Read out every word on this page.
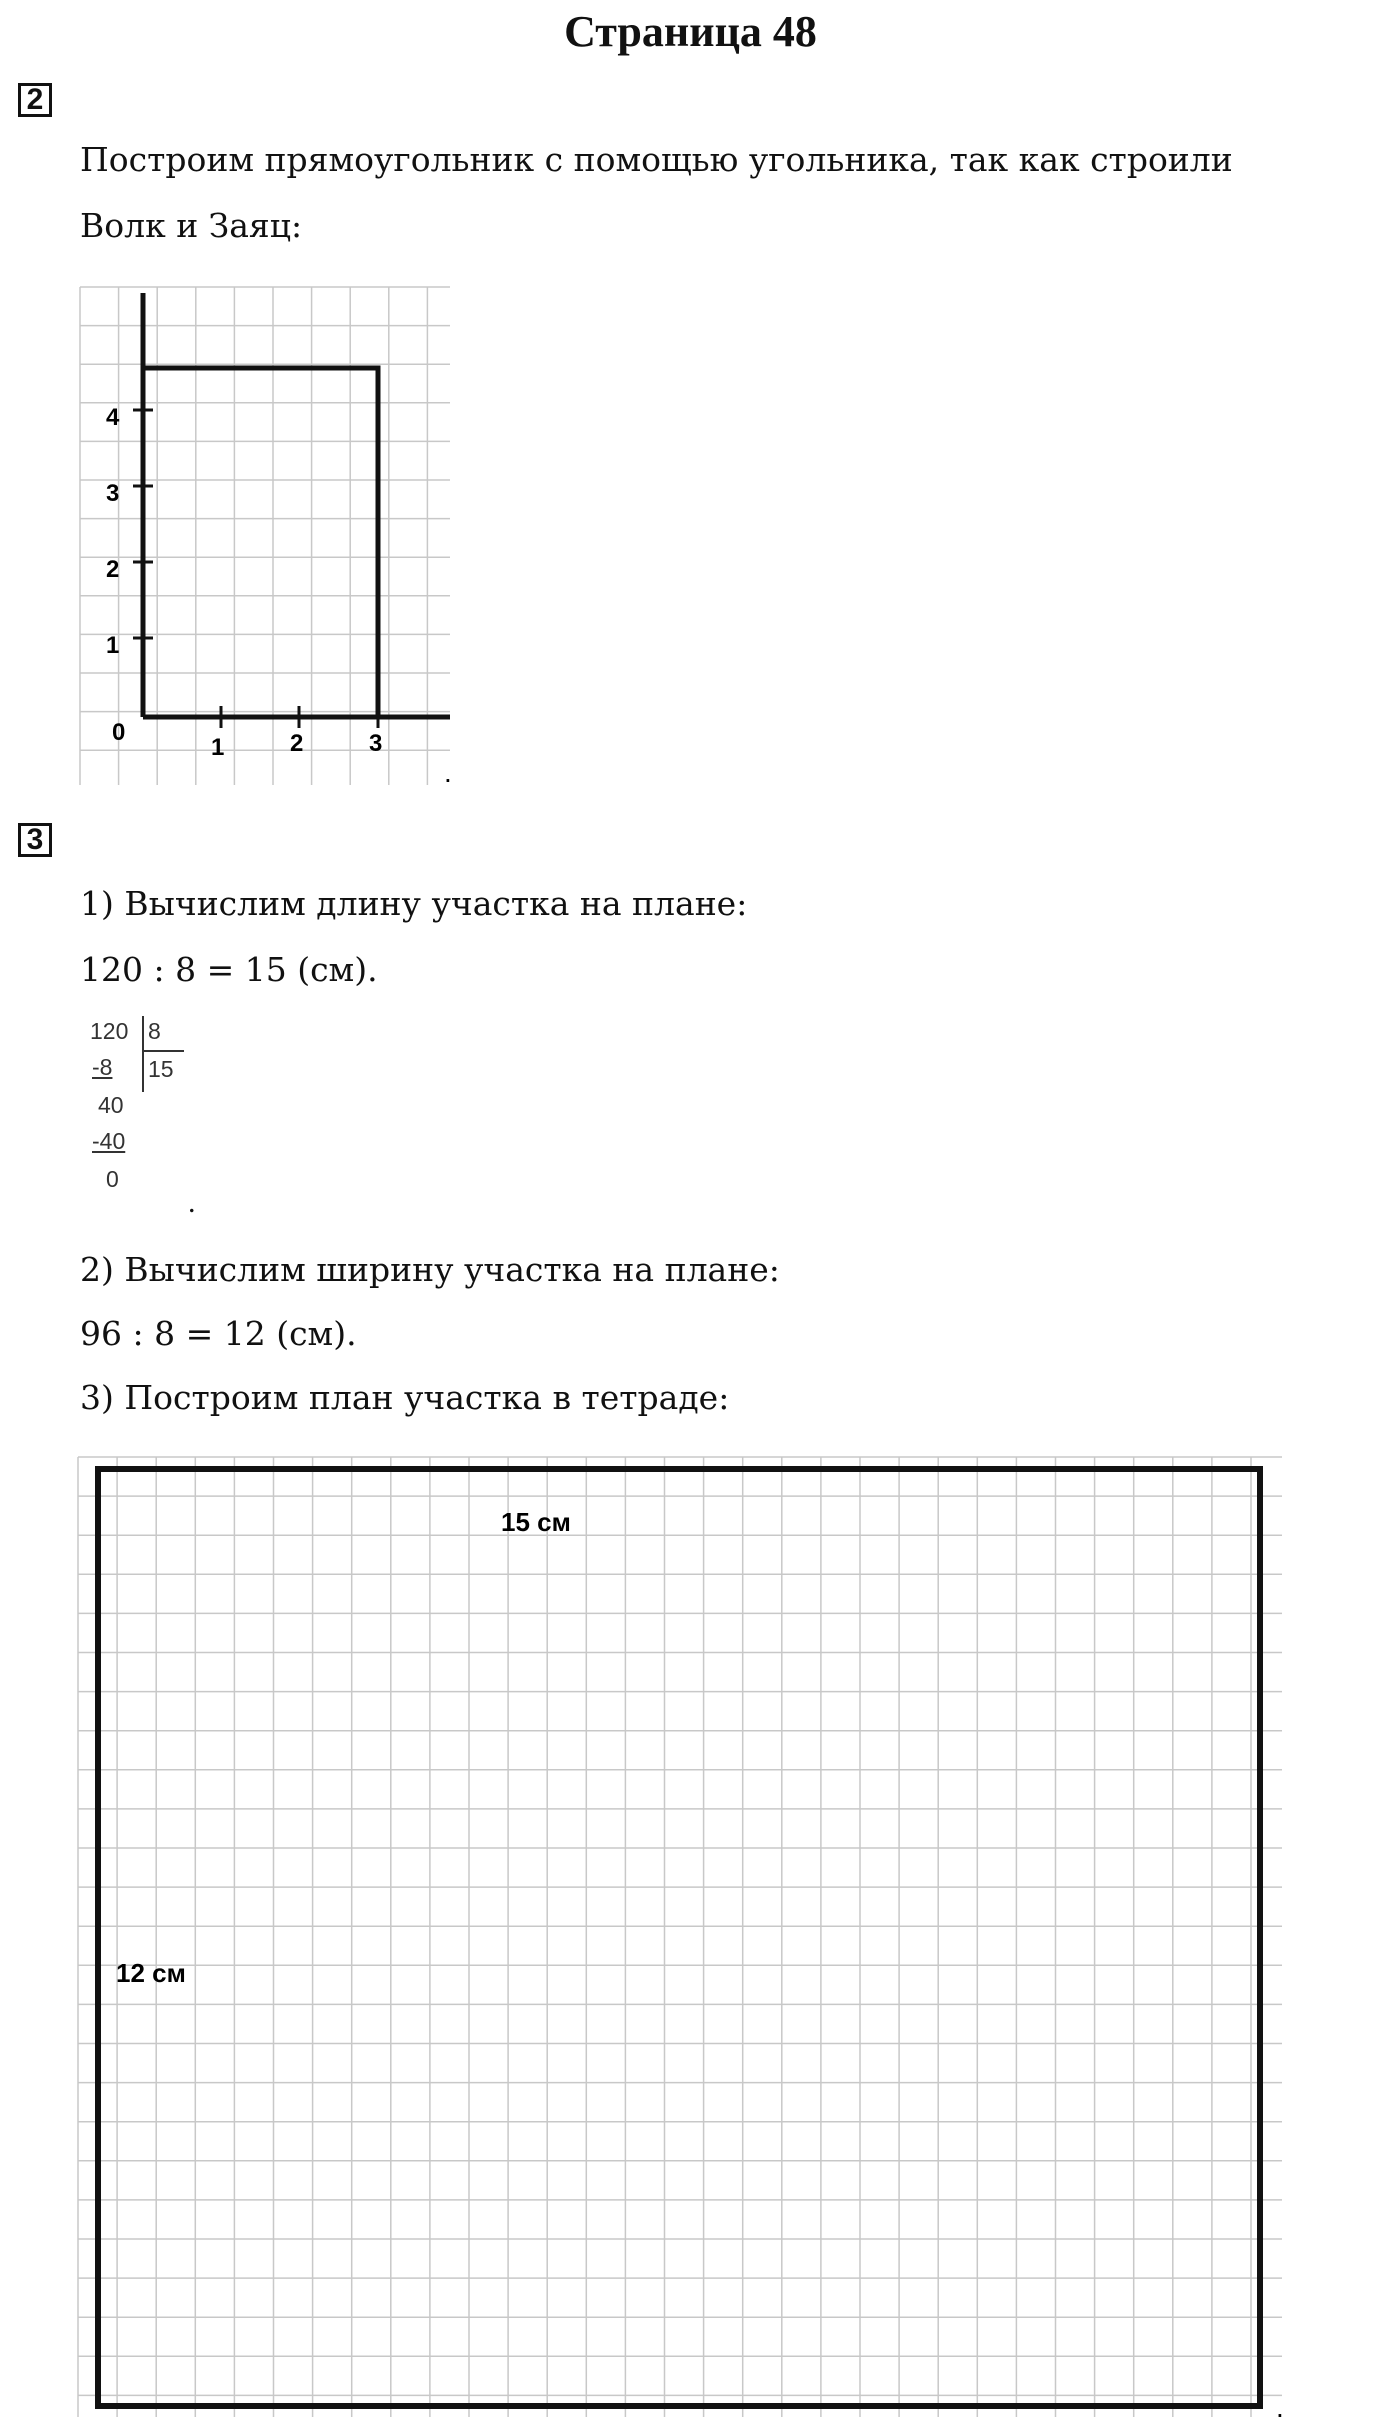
Страница 48
2
Построим прямоугольник с помощью угольника, так как строили
Волк и Заяц:
4
3
2
1
0
1	2	3
.
3
1) Вычислим длину участка на плане:
120 : 8 = 15 (см).
120 8
15
-8
40
-40
0
.
2) Вычислим ширину участка на плане:
96 : 8 = 12 (см).
3) Построим план участка в тетраде:
15 см
12 см
.
